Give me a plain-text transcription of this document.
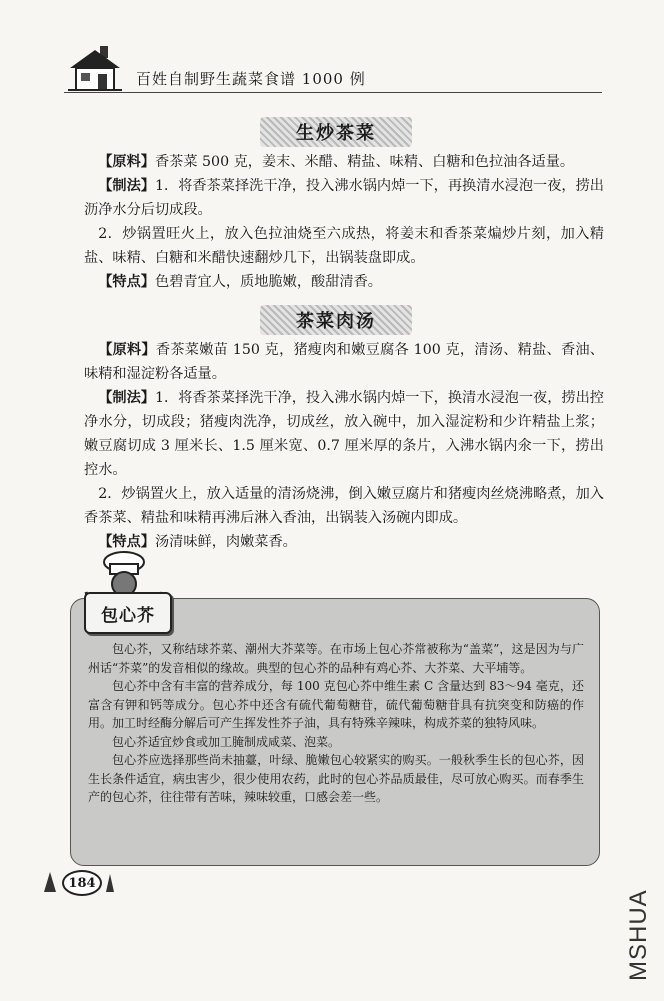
百姓自制野生蔬菜食谱 1000 例
生炒茶菜

【原料】香茶菜 500 克，姜末、米醋、精盐、味精、白糖和色拉油各适量。

【制法】1．将香茶菜择洗干净，投入沸水锅内焯一下，再换清水浸泡一夜，捞出沥净水分后切成段。

2．炒锅置旺火上，放入色拉油烧至六成热，将姜末和香茶菜煸炒片刻，加入精盐、味精、白糖和米醋快速翻炒几下，出锅装盘即成。

【特点】色碧青宜人，质地脆嫩，酸甜清香。

茶菜肉汤

【原料】香茶菜嫩苗 150 克，猪瘦肉和嫩豆腐各 100 克，清汤、精盐、香油、味精和湿淀粉各适量。

【制法】1．将香茶菜择洗干净，投入沸水锅内焯一下，换清水浸泡一夜，捞出控净水分，切成段；猪瘦肉洗净，切成丝，放入碗中，加入湿淀粉和少许精盐上浆；嫩豆腐切成 3 厘米长、1.5 厘米宽、0.7 厘米厚的条片，入沸水锅内氽一下，捞出控水。

2．炒锅置火上，放入适量的清汤烧沸，倒入嫩豆腐片和猪瘦肉丝烧沸略煮，加入香茶菜、精盐和味精再沸后淋入香油，出锅装入汤碗内即成。

【特点】汤清味鲜，肉嫩菜香。

包心芥

包心芥，又称结球芥菜、潮州大芥菜等。在市场上包心芥常被称为“盖菜”，这是因为与广州话“芥菜”的发音相似的缘故。典型的包心芥的品种有鸡心芥、大芥菜、大平埔等。

包心芥中含有丰富的营养成分，每 100 克包心芥中维生素 C 含量达到 83～94 毫克，还富含有钾和钙等成分。包心芥中还含有硫代葡萄糖苷，硫代葡萄糖苷具有抗突变和防癌的作用。加工时经酶分解后可产生挥发性芥子油，具有特殊辛辣味，构成芥菜的独特风味。

包心芥适宜炒食或加工腌制成咸菜、泡菜。

包心芥应选择那些尚未抽薹，叶绿、脆嫩包心较紧实的购买。一般秋季生长的包心芥，因生长条件适宜，病虫害少，很少使用农药，此时的包心芥品质最佳，尽可放心购买。而春季生产的包心芥，往往带有苦味，辣味较重，口感会差一些。

184
MSHUA
